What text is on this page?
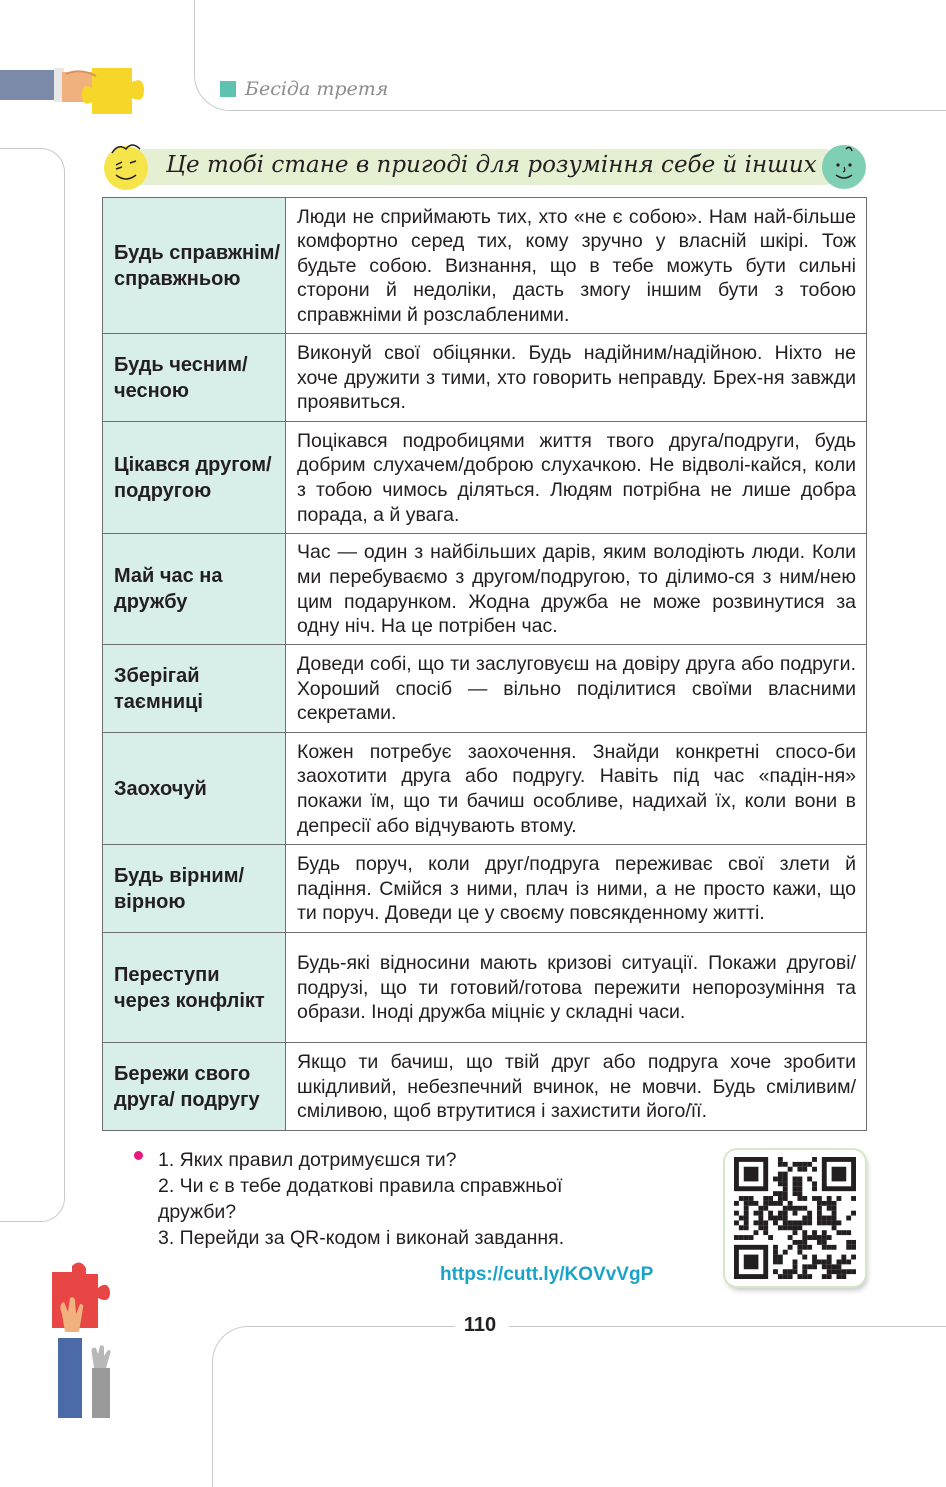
Бесіда третя
Це тобі стане в пригоді для розуміння себе й інших
Будь справжнім/ справжньою	Люди не сприймають тих, хто «не є собою». Нам най-більше комфортно серед тих, кому зручно у власній шкірі. Тож будьте собою. Визнання, що в тебе можуть бути сильні сторони й недоліки, дасть змогу іншим бути з тобою справжніми й розслабленими.
Будь чесним/ чесною	Виконуй свої обіцянки. Будь надійним/надійною. Ніхто не хоче дружити з тими, хто говорить неправду. Брех-ня завжди проявиться.
Цікався другом/ подругою	Поцікався подробицями життя твого друга/подруги, будь добрим слухачем/доброю слухачкою. Не відволі-кайся, коли з тобою чимось діляться. Людям потрібна не лише добра порада, а й увага.
Май час на дружбу	Час — один з найбільших дарів, яким володіють люди. Коли ми перебуваємо з другом/подругою, то ділимо-ся з ним/нею цим подарунком. Жодна дружба не може розвинутися за одну ніч. На це потрібен час.
Зберігай таємниці	Доведи собі, що ти заслуговуєш на довіру друга або подруги. Хороший спосіб — вільно поділитися своїми власними секретами.
Заохочуй	Кожен потребує заохочення. Знайди конкретні спосо-би заохотити друга або подругу. Навіть під час «падін-ня» покажи їм, що ти бачиш особливе, надихай їх, коли вони в депресії або відчувають втому.
Будь вірним/ вірною	Будь поруч, коли друг/подруга переживає свої злети й падіння. Смійся з ними, плач із ними, а не просто кажи, що ти поруч. Доведи це у своєму повсякденному житті.
Переступи через конфлікт	Будь-які відносини мають кризові ситуації. Покажи другові/подрузі, що ти готовий/готова пережити непорозуміння та образи. Іноді дружба міцніє у складні часи.
Бережи свого друга/ подругу	Якщо ти бачиш, що твій друг або подруга хоче зробити шкідливий, небезпечний вчинок, не мовчи. Будь сміливим/сміливою, щоб втрутитися і захистити його/її.
1. Яких правил дотримуєшся ти?
2. Чи є в тебе додаткові правила справжньої дружби?
3. Перейди за QR-кодом і виконай завдання.
https://cutt.ly/KOVvVgP
110
